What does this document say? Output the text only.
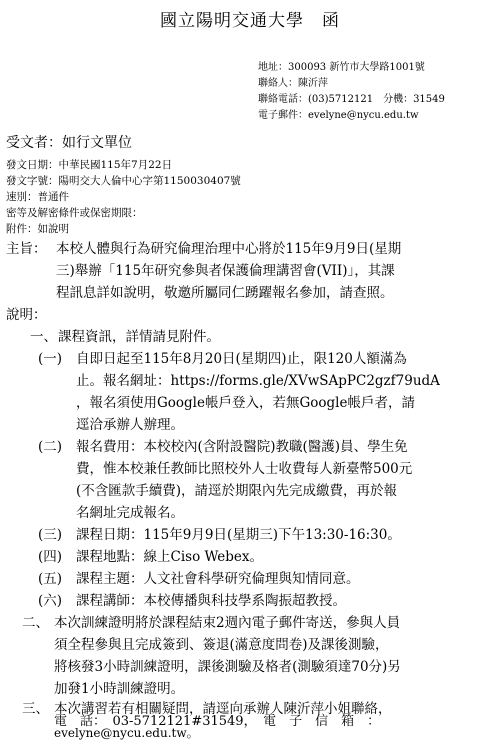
國立陽明交通大學　函
地址：300093 新竹市大學路1001號
聯絡人：陳沂萍
聯絡電話：(03)5712121　分機：31549
電子郵件：evelyne@nycu.edu.tw
受文者：如行文單位
發文日期：中華民國115年7月22日
發文字號：陽明交大人倫中心字第1150030407號
速別：普通件
密等及解密條件或保密期限：
附件：如說明
主旨： 本校人體與行為研究倫理治理中心將於115年9月9日(星期
三)舉辦「115年研究參與者保護倫理講習會(VII)」，其課
程訊息詳如說明，敬邀所屬同仁踴躍報名參加，請查照。
說明：
一、 課程資訊，詳情請見附件。
(一) 自即日起至115年8月20日(星期四)止，限120人額滿為
止。報名網址：https://forms.gle/XVwSApPC2gzf79udA
，報名須使用Google帳戶登入，若無Google帳戶者，請
逕洽承辦人辦理。
(二) 報名費用：本校校內(含附設醫院)教職(醫護)員、學生免
費，惟本校兼任教師比照校外人士收費每人新臺幣500元
(不含匯款手續費)，請逕於期限內先完成繳費，再於報
名網址完成報名。
(三) 課程日期：115年9月9日(星期三)下午13:30-16:30。
(四) 課程地點：線上Ciso Webex。
(五) 課程主題：人文社會科學研究倫理與知情同意。
(六) 課程講師：本校傳播與科技學系陶振超教授。
二、 本次訓練證明將於課程結束2週內電子郵件寄送，參與人員
須全程參與且完成簽到、簽退(滿意度問卷)及課後測驗，
將核發3小時訓練證明，課後測驗及格者(測驗須達70分)另
加發1小時訓練證明。
三、 本次講習若有相關疑問，請逕向承辦人陳沂萍小姐聯絡，
電　話：　03-5712121#31549，　電　子　信　箱　：
evelyne@nycu.edu.tw。
